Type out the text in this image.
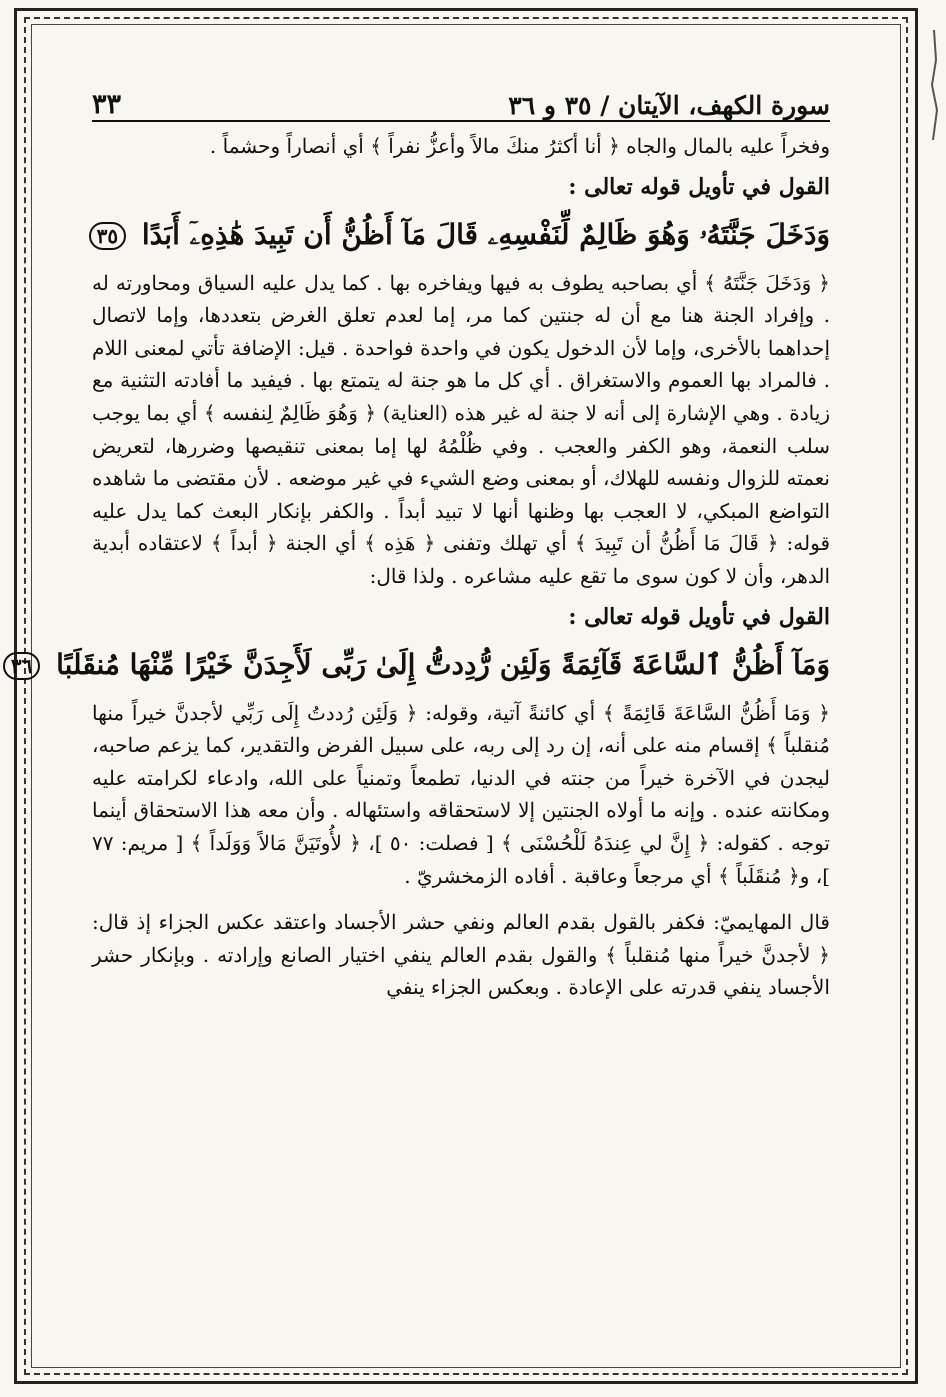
سورة الكهف، الآيتان / ٣٥ و ٣٦
٣٣

وفخراً عليه بالمال والجاه ﴿ أنا أكثرُ منكَ مالاً وأعزُّ نفراً ﴾ أي أنصاراً وحشماً .

القول في تأويل قوله تعالى :

وَدَخَلَ جَنَّتَهُۥ وَهُوَ ظَالِمٌ لِّنَفْسِهِۦ قَالَ مَآ أَظُنُّ أَن تَبِيدَ هَٰذِهِۦٓ أَبَدًا ٣٥

﴿ وَدَخَلَ جَنَّتَهُ ﴾ أي بصاحبه يطوف به فيها ويفاخره بها . كما يدل عليه السياق ومحاورته له . وإفراد الجنة هنا مع أن له جنتين كما مر، إما لعدم تعلق الغرض بتعددها، وإما لاتصال إحداهما بالأخرى، وإما لأن الدخول يكون في واحدة فواحدة . قيل: الإضافة تأتي لمعنى اللام . فالمراد بها العموم والاستغراق . أي كل ما هو جنة له يتمتع بها . فيفيد ما أفادته التثنية مع زيادة . وهي الإشارة إلى أنه لا جنة له غير هذه (العناية) ﴿ وَهُوَ ظَالِمٌ لِنفسه ﴾ أي بما يوجب سلب النعمة، وهو الكفر والعجب . وفي ظُلْمُهُ لها إما بمعنى تنقيصها وضررها، لتعريض نعمته للزوال ونفسه للهلاك، أو بمعنى وضع الشيء في غير موضعه . لأن مقتضى ما شاهده التواضع المبكي، لا العجب بها وظنها أنها لا تبيد أبداً . والكفر بإنكار البعث كما يدل عليه قوله: ﴿ قَالَ مَا أَظُنُّ أن تَبِيدَ ﴾ أي تهلك وتفنى ﴿ هَذِه ﴾ أي الجنة ﴿ أبداً ﴾ لاعتقاده أبدية الدهر، وأن لا كون سوى ما تقع عليه مشاعره . ولذا قال:

القول في تأويل قوله تعالى :

وَمَآ أَظُنُّ ٱلسَّاعَةَ قَآئِمَةً وَلَئِن رُّدِدتُّ إِلَىٰ رَبِّى لَأَجِدَنَّ خَيْرًا مِّنْهَا مُنقَلَبًا ٣٦

﴿ وَمَا أَظُنُّ السَّاعَةَ قَائِمَةً ﴾ أي كائنةً آتية، وقوله: ﴿ وَلَئِن رُددتُ إِلَى رَبِّي لأجدنَّ خيراً منها مُنقلباً ﴾ إقسام منه على أنه، إن رد إلى ربه، على سبيل الفرض والتقدير، كما يزعم صاحبه، ليجدن في الآخرة خيراً من جنته في الدنيا، تطمعاً وتمنياً على الله، وادعاء لكرامته عليه ومكانته عنده . وإنه ما أولاه الجنتين إلا لاستحقاقه واستئهاله . وأن معه هذا الاستحقاق أينما توجه . كقوله: ﴿ إِنَّ لي عِندَهُ لَلْحُسْنَى ﴾ [ فصلت: ٥٠ ]، ﴿ لأُوتَيَنَّ مَالاً وَوَلَداً ﴾ [ مريم: ٧٧ ]، و﴿ مُنقَلَباً ﴾ أي مرجعاً وعاقبة . أفاده الزمخشريّ .

قال المهايميّ: فكفر بالقول بقدم العالم ونفي حشر الأجساد واعتقد عكس الجزاء إذ قال: ﴿ لأجدنَّ خيراً منها مُنقلباً ﴾ والقول بقدم العالم ينفي اختيار الصانع وإرادته . وبإنكار حشر الأجساد ينفي قدرته على الإعادة . وبعكس الجزاء ينفي
